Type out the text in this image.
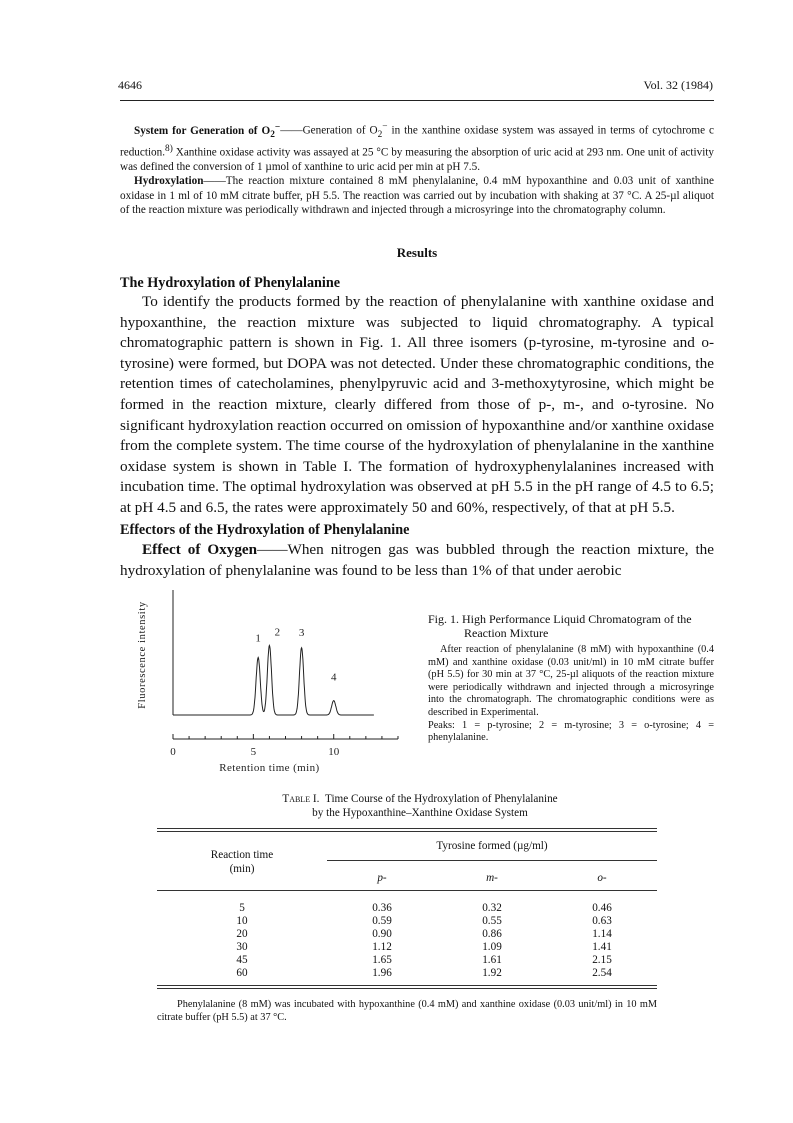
4646	Vol. 32 (1984)

System for Generation of $O_2^-——Generation$ of $O_2^-$ in the xanthine oxidase system was assayed in terms of cytochrome c reduction.$^{8)}$ Xanthine oxidase activity was assayed at 25 °C by measuring the absorption of uric acid at 293 nm. One unit of activity was defined the conversion of 1 µmol of xanthine to uric acid per min at pH 7.5.

Hydroxylation——The reaction mixture contained 8 mM phenylalanine, 0.4 mM hypoxanthine and 0.03 unit of xanthine oxidase in 1 ml of 10 mM citrate buffer, pH 5.5. The reaction was carried out by incubation with shaking at 37 °C. A 25-µl aliquot of the reaction mixture was periodically withdrawn and injected through a microsyringe into the chromatography column.

Results
The Hydroxylation of Phenylalanine

To identify the products formed by the reaction of phenylalanine with xanthine oxidase and hypoxanthine, the reaction mixture was subjected to liquid chromatography. A typical chromatographic pattern is shown in Fig. 1. All three isomers (p-tyrosine, m-tyrosine and o-tyrosine) were formed, but DOPA was not detected. Under these chromatographic conditions, the retention times of catecholamines, phenylpyruvic acid and 3-methoxytyrosine, which might be formed in the reaction mixture, clearly differed from those of p-, m-, and o-tyrosine. No significant hydroxylation reaction occurred on omission of hypoxanthine and/or xanthine oxidase from the complete system. The time course of the hydroxylation of phenylalanine in the xanthine oxidase system is shown in Table I. The formation of hydroxyphenylalanines increased with incubation time. The optimal hydroxylation was observed at pH 5.5 in the pH range of 4.5 to 6.5; at pH 4.5 and 6.5, the rates were approximately 50 and 60%, respectively, of that at pH 5.5.

Effectors of the Hydroxylation of Phenylalanine

Effect of Oxygen——When nitrogen gas was bubbled through the reaction mixture, the hydroxylation of phenylalanine was found to be less than 1% of that under aerobic

0	5	10
1 2 3
4
Fluorescence intensity
Retention time (min)
Fig. 1. High Performance Liquid Chromatogram of the Reaction Mixture

After reaction of phenylalanine (8 mM) with hypoxanthine (0.4 mM) and xanthine oxidase (0.03 unit/ml) in 10 mM citrate buffer (pH 5.5) for 30 min at 37 °C, 25-µl aliquots of the reaction mixture were periodically withdrawn and injected through a microsyringe into the chromatograph. The chromatographic conditions were as described in Experimental.

Peaks: 1 = p-tyrosine; 2 = m-tyrosine; 3 = o-tyrosine; 4 = phenylalanine.

Table I. Time Course of the Hydroxylation of Phenylalanine
by the Hypoxanthine–Xanthine Oxidase System
Reaction time
(min)
Tyrosine formed (µg/ml)
p-	m-	o-
5	0.36	0.32	0.46
10	0.59	0.55	0.63
20	0.90	0.86	1.14
30	1.12	1.09	1.41
45	1.65	1.61	2.15
60	1.96	1.92	2.54
Phenylalanine (8 mM) was incubated with hypoxanthine (0.4 mM) and xanthine oxidase (0.03 unit/ml) in 10 mM citrate buffer (pH 5.5) at 37 °C.
